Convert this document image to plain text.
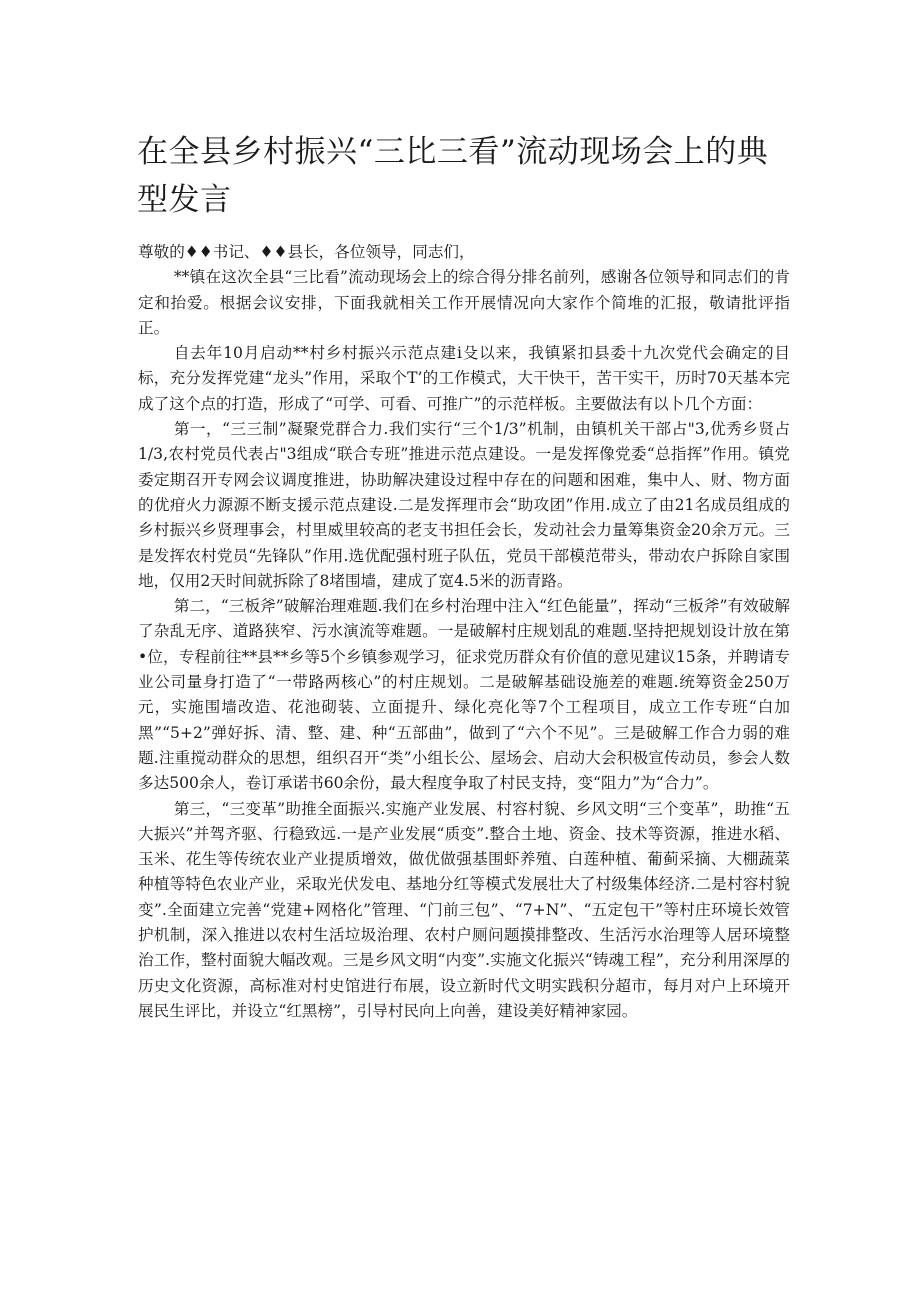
在全县乡村振兴“三比三看”流动现场会上的典型发言

尊敬的♦♦书记、♦♦县长，各位领导，同志们，

**镇在这次全县“三比看”流动现场会上的综合得分排名前列，感谢各位领导和同志们的肯定和抬爱。根据会议安排，下面我就相关工作开展情况向大家作个简堆的汇报，敬请批评指正。

自去年10月启动**村乡村振兴示范点建i殳以来，我镇紧扣县委十九次党代会确定的目标，充分发挥党建“龙头”作用，采取个T’的工作模式，大干快干，苦干实干，历时70天基本完成了这个点的打造，形成了“可学、可看、可推广”的示范样板。主要做法有以卜几个方面：

第一，“三三制”凝聚党群合力.我们实行“三个1/3”机制，由镇机关干部占"3,优秀乡贤占1/3,农村党员代表占"3组成“联合专班”推进示范点建设。一是发挥像党委“总指挥”作用。镇党委定期召开专网会议调度推进，协助解决建设过程中存在的问题和困难，集中人、财、物方面的优疳火力源源不断支援示范点建设.二是发挥理市会“助攻团”作用.成立了由21名成员组成的乡村振兴乡贤理事会，村里威里较高的老支书担任会长，发动社会力量筹集资金20余万元。三是发挥农村党员“先锋队”作用.选优配强村班子队伍，党员干部模范带头，带动农户拆除自家围地，仅用2天时间就拆除了8堵围墙，建成了宽4.5米的沥青路。

第二，“三板斧”破解治理难题.我们在乡村治理中注入“红色能量”，挥动“三板斧”有效破解了杂乱无序、道路狭窄、污水演流等难题。一是破解村庄规划乱的难题.坚持把规划设计放在第•位，专程前往**县**乡等5个乡镇参观学习，征求党历群众有价值的意见建议15条，并聘请专业公司量身打造了“一带路两核心”的村庄规划。二是破解基础设施差的难题.统筹资金250万元，实施围墙改造、花池砌装、立面提升、绿化亮化等7个工程项目，成立工作专班“白加黑”“5+2”弹好拆、清、整、建、种“五部曲”，做到了“六个不见”。三是破解工作合力弱的难题.注重搅动群众的思想，组织召开“类”小组长公、屋场会、启动大会积极宣传动员，参会人数多达500余人，卷订承诺书60余份，最大程度争取了村民支持，变“阻力”为“合力”。

第三，“三变革”助推全面振兴.实施产业发展、村容村貌、乡风文明“三个变革”，助推“五大振兴”并驾齐驱、行稳致远.一是产业发展“质变”.整合土地、资金、技术等资源，推进水稻、玉米、花生等传统农业产业提质增效，做优做强基围虾养殖、白莲种植、葡蓟采摘、大棚蔬菜种植等特色农业产业，采取光伏发电、基地分红等模式发展壮大了村级集体经济.二是村容村貌变”.全面建立完善“党建+网格化”管理、“门前三包”、“7+N”、“五定包干”等村庄环境长效管护机制，深入推进以农村生活垃圾治理、农村户厕问题摸排整改、生活污水治理等人居环境整治工作，整村面貌大幅改观。三是乡风文明“内变”.实施文化振兴“铸魂工程”，充分利用深厚的历史文化资源，高标准对村史馆进行布展，设立新时代文明实践积分超市，每月对户上环境开展民生评比，并设立“红黑榜”，引导村民向上向善，建设美好精神家园。
